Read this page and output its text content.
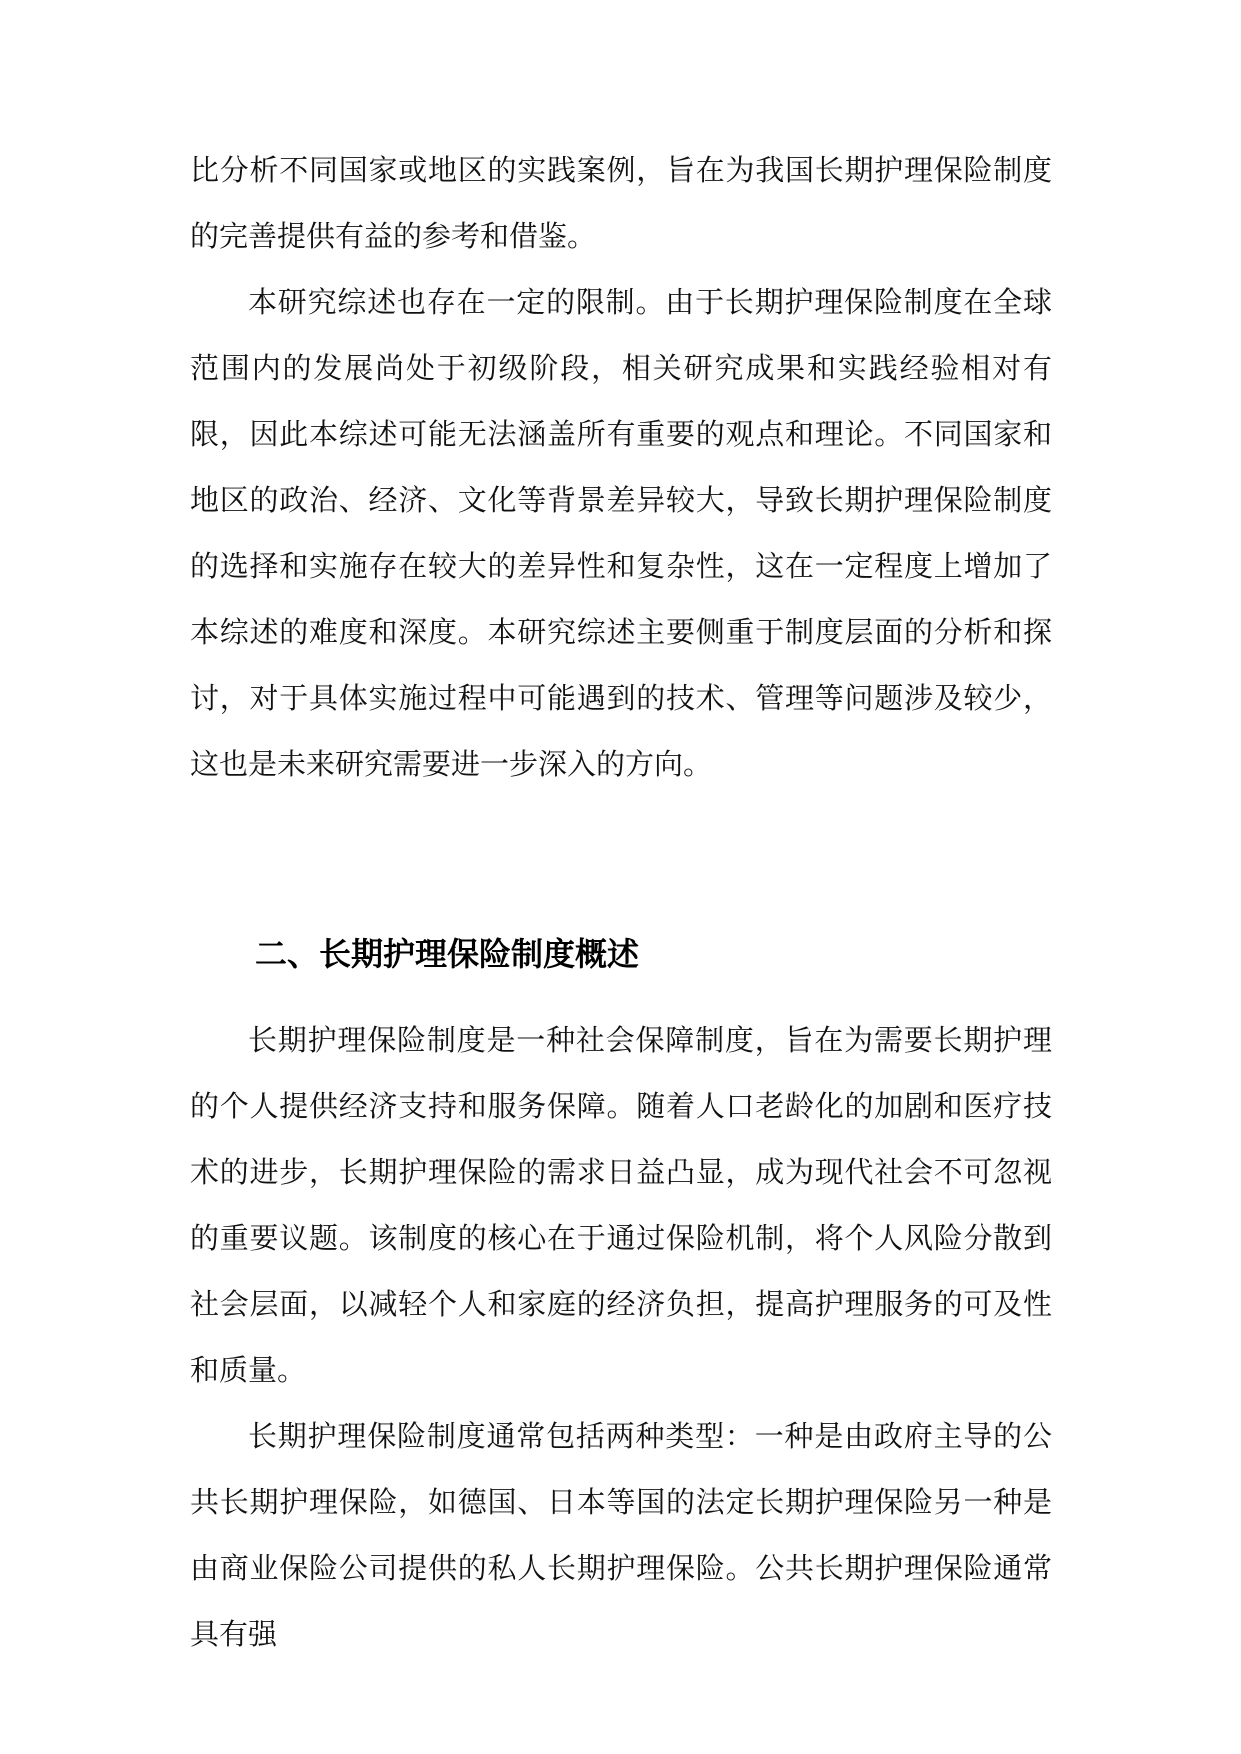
比分析不同国家或地区的实践案例，旨在为我国长期护理保险制度的完善提供有益的参考和借鉴。

本研究综述也存在一定的限制。由于长期护理保险制度在全球范围内的发展尚处于初级阶段，相关研究成果和实践经验相对有限，因此本综述可能无法涵盖所有重要的观点和理论。不同国家和地区的政治、经济、文化等背景差异较大，导致长期护理保险制度的选择和实施存在较大的差异性和复杂性，这在一定程度上增加了本综述的难度和深度。本研究综述主要侧重于制度层面的分析和探讨，对于具体实施过程中可能遇到的技术、管理等问题涉及较少，这也是未来研究需要进一步深入的方向。

二、长期护理保险制度概述

长期护理保险制度是一种社会保障制度，旨在为需要长期护理的个人提供经济支持和服务保障。随着人口老龄化的加剧和医疗技术的进步，长期护理保险的需求日益凸显，成为现代社会不可忽视的重要议题。该制度的核心在于通过保险机制，将个人风险分散到社会层面，以减轻个人和家庭的经济负担，提高护理服务的可及性和质量。

长期护理保险制度通常包括两种类型：一种是由政府主导的公共长期护理保险，如德国、日本等国的法定长期护理保险另一种是由商业保险公司提供的私人长期护理保险。公共长期护理保险通常具有强
